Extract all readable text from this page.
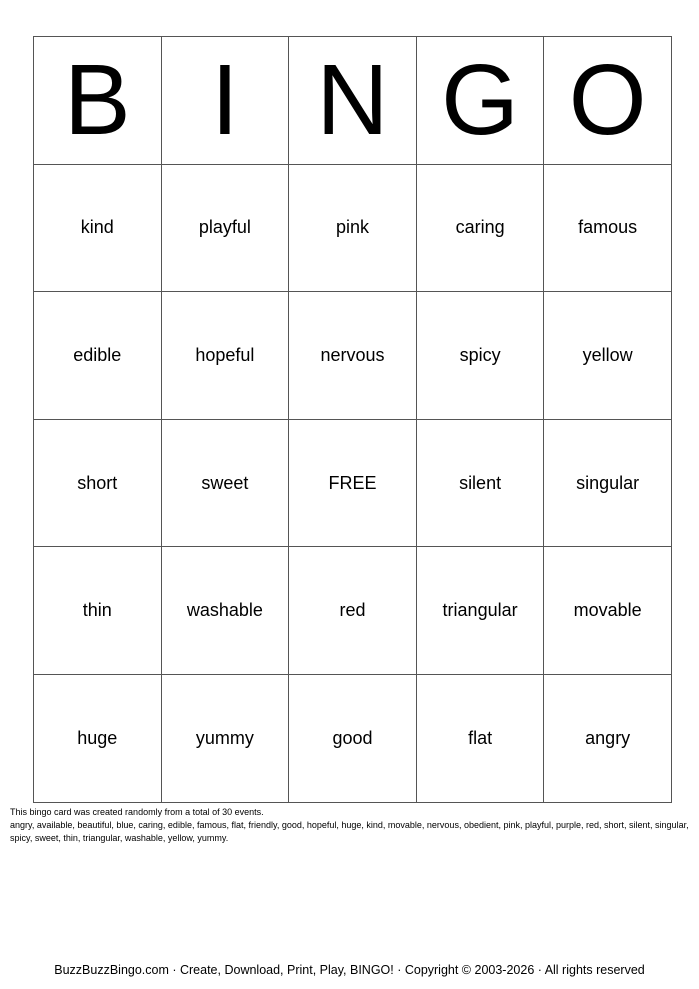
B	I	N	G	O
kind	playful	pink	caring	famous
edible	hopeful	nervous	spicy	yellow
short	sweet	FREE	silent	singular
thin	washable	red	triangular	movable
huge	yummy	good	flat	angry
This bingo card was created randomly from a total of 30 events.
angry, available, beautiful, blue, caring, edible, famous, flat, friendly, good, hopeful, huge, kind, movable, nervous, obedient, pink, playful, purple, red, short, silent, singular, spicy, sweet, thin, triangular, washable, yellow, yummy.
BuzzBuzzBingo.com · Create, Download, Print, Play, BINGO! · Copyright © 2003-2026 · All rights reserved
